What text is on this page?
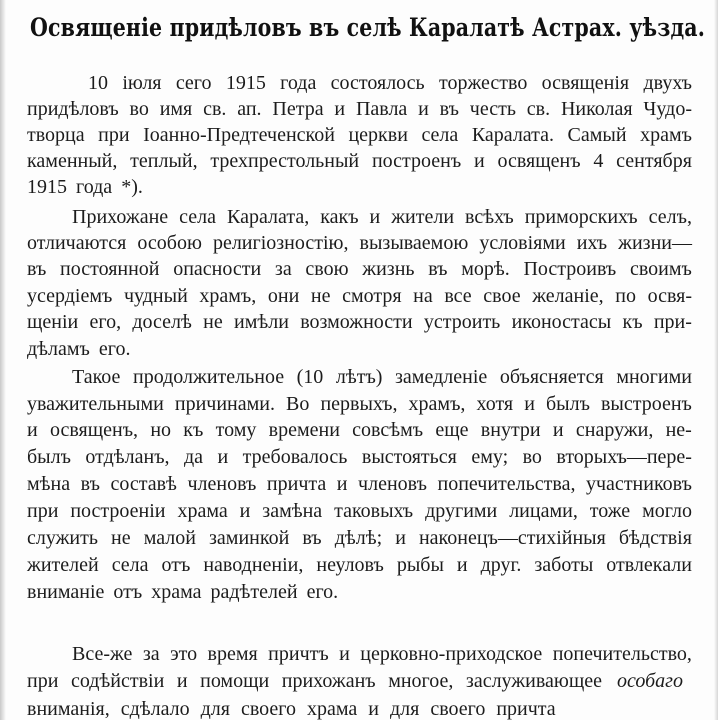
Освященіе придѣловъ въ селѣ Каралатѣ Астрах. уѣзда.
10 іюля сего 1915 года состоялось торжество освященія двухъ
придѣловъ во имя св. ап. Петра и Павла и въ честь св. Николая Чудо-
творца при Іоанно-Предтеченской церкви села Каралата. Самый храмъ
каменный, теплый, трехпрестольный построенъ и освященъ 4 сентября
1915 года *).
Прихожане села Каралата, какъ и жители всѣхъ приморскихъ селъ,
отличаются особою религіозностію, вызываемою условіями ихъ жизни—
въ постоянной опасности за свою жизнь въ морѣ. Построивъ своимъ
усердіемъ чудный храмъ, они не смотря на все свое желаніе, по освя-
щеніи его, доселѣ не имѣли возможности устроить иконостасы къ при-
дѣламъ его.
Такое продолжительное (10 лѣтъ) замедленіе объясняется многими
уважительными причинами. Во первыхъ, храмъ, хотя и былъ выстроенъ
и освященъ, но къ тому времени совсѣмъ еще внутри и снаружи, не-
былъ отдѣланъ, да и требовалось выстояться ему; во вторыхъ—пере-
мѣна въ составѣ членовъ причта и членовъ попечительства, участниковъ
при построеніи храма и замѣна таковыхъ другими лицами, тоже могло
служить не малой заминкой въ дѣлѣ; и наконецъ—стихійныя бѣдствія
жителей села отъ наводненіи, неуловъ рыбы и друг. заботы отвлекали
вниманіе отъ храма радѣтелей его.
Все-же за это время причтъ и церковно-приходское попечительство,
при содѣйствіи и помощи прихожанъ многое, заслуживающее особаго
вниманія, сдѣлало для своего храма и для своего причта
